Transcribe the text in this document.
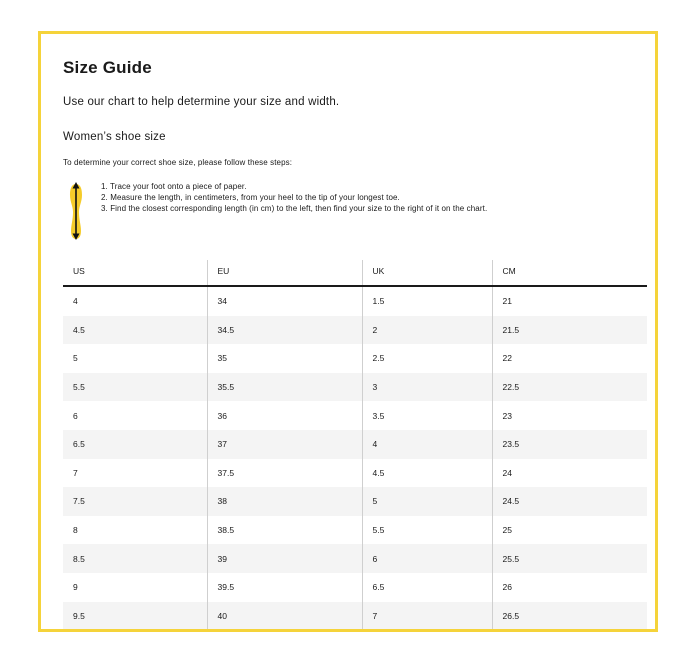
Size Guide
Use our chart to help determine your size and width.
Women’s shoe size
To determine your correct shoe size, please follow these steps:
1. Trace your foot onto a piece of paper.
2. Measure the length, in centimeters, from your heel to the tip of your longest toe.
3. Find the closest corresponding length (in cm) to the left, then find your size to the right of it on the chart.
US	EU	UK	CM
4	34	1.5	21
4.5	34.5	2	21.5
5	35	2.5	22
5.5	35.5	3	22.5
6	36	3.5	23
6.5	37	4	23.5
7	37.5	4.5	24
7.5	38	5	24.5
8	38.5	5.5	25
8.5	39	6	25.5
9	39.5	6.5	26
9.5	40	7	26.5
